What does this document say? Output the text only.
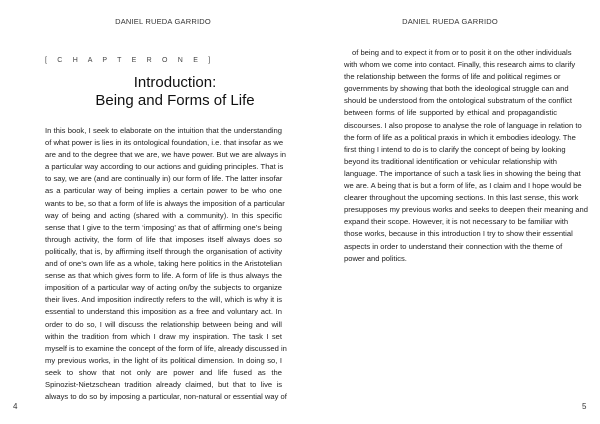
DANIEL RUEDA GARRIDO
[ C H A P T E R O N E ]
Introduction:
Being and Forms of Life
In this book, I seek to elaborate on the intuition that the understanding
of what power is lies in its ontological foundation, i.e. that insofar as we
are and to the degree that we are, we have power. But we are always in
a particular way according to our actions and guiding principles. That is
to say, we are (and are continually in) our form of life. The latter insofar
as a particular way of being implies a certain power to be who one
wants to be, so that a form of life is always the imposition of a particular
way of being and acting (shared with a community). In this specific
sense that I give to the term ‘imposing’ as that of affirming one’s being
through activity, the form of life that imposes itself always does so
politically, that is, by affirming itself through the organisation of activity
and of one’s own life as a whole, taking here politics in the Aristotelian
sense as that which gives form to life. A form of life is thus always the
imposition of a particular way of acting on/by the subjects to organize
their lives. And imposition indirectly refers to the will, which is why it is
essential to understand this imposition as a free and voluntary act. In
order to do so, I will discuss the relationship between being and will
within the tradition from which I draw my inspiration. The task I set
myself is to examine the concept of the form of life, already discussed in
my previous works, in the light of its political dimension. In doing so, I
seek to show that not only are power and life fused as the
Spinozist-Nietzschean tradition already claimed, but that to live is
always to do so by imposing a particular, non-natural or essential way of
4
DANIEL RUEDA GARRIDO
of being and to expect it from or to posit it on the other individuals
with whom we come into contact. Finally, this research aims to clarify
the relationship between the forms of life and political regimes or
governments by showing that both the ideological struggle can and
should be understood from the ontological substratum of the conflict
between forms of life supported by ethical and propagandistic
discourses. I also propose to analyse the role of language in relation to
the form of life as a political praxis in which it embodies ideology. The
first thing I intend to do is to clarify the concept of being by looking
beyond its traditional identification or vehicular relationship with
language. The importance of such a task lies in showing the being that
we are. A being that is but a form of life, as I claim and I hope would be
clearer throughout the upcoming sections. In this last sense, this work
presupposes my previous works and seeks to deepen their meaning and
expand their scope. However, it is not necessary to be familiar with
those works, because in this introduction I try to show their essential
aspects in order to understand their connection with the theme of
power and politics.
5
